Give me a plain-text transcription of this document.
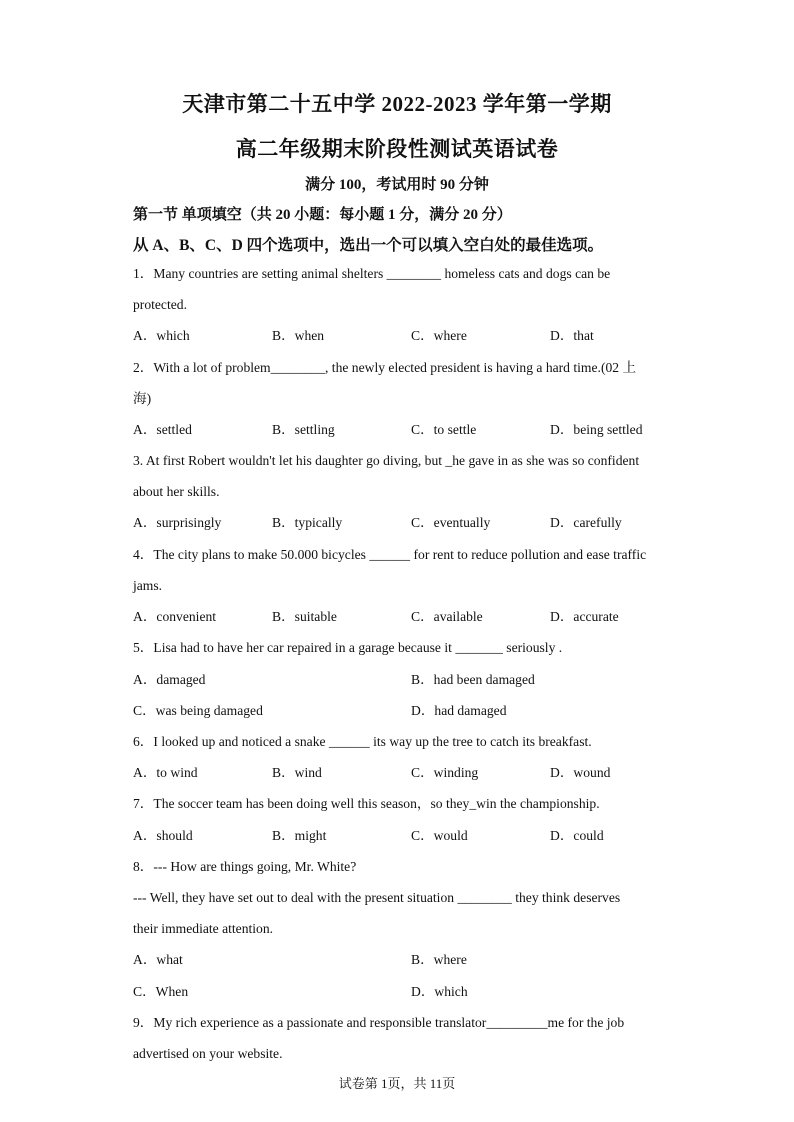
天津市第二十五中学 2022-2023 学年第一学期
高二年级期末阶段性测试英语试卷
满分 100，考试用时 90 分钟
第一节 单项填空（共 20 小题：每小题 1 分，满分 20 分）
从 A、B、C、D 四个选项中，选出一个可以填入空白处的最佳选项。
1．Many countries are setting animal shelters ________ homeless cats and dogs can be
protected.
A．which	B．when	C．where	D．that
2．With a lot of problem________, the newly elected president is having a hard time.(02 上
海)
A．settled	B．settling	C．to settle	D．being settled
3. At first Robert wouldn't let his daughter go diving, but _he gave in as she was so confident
about her skills.
A．surprisingly	B．typically	C．eventually	D．carefully
4．The city plans to make 50.000 bicycles ______ for rent to reduce pollution and ease traffic
jams.
A．convenient	B．suitable	C．available	D．accurate
5．Lisa had to have her car repaired in a garage because it _______ seriously .
A．damaged	B．had been damaged
C．was being damaged	D．had damaged
6．I looked up and noticed a snake ______ its way up the tree to catch its breakfast.
A．to wind	B．wind	C．winding	D．wound
7．The soccer team has been doing well this season，so they_win the championship.
A．should	B．might	C．would	D．could
8．--- How are things going, Mr. White?
--- Well, they have set out to deal with the present situation ________ they think deserves
their immediate attention.
A．what	B．where
C．When	D．which
9．My rich experience as a passionate and responsible translator_________me for the job
advertised on your website.
试卷第 1页，共 11页
